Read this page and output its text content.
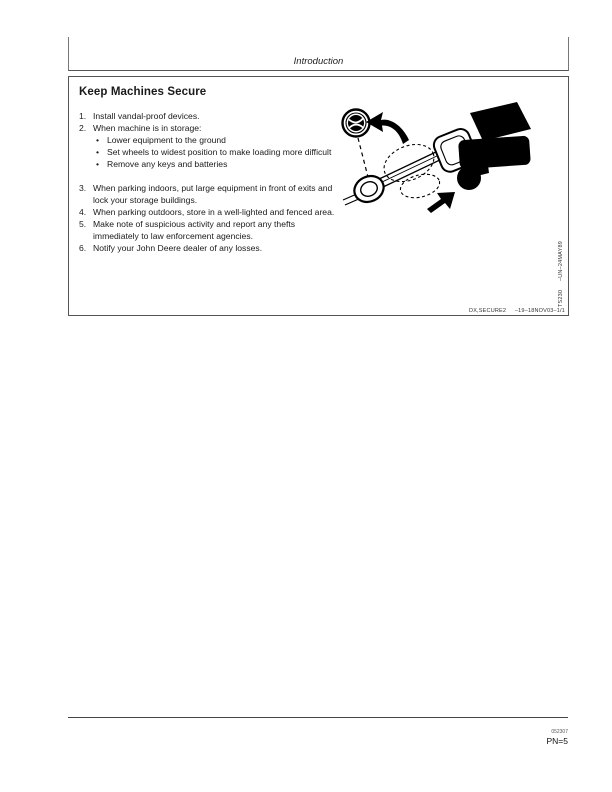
Introduction
Keep Machines Secure
1. Install vandal-proof devices.
2. When machine is in storage:
• Lower equipment to the ground
• Set wheels to widest position to make loading more difficult
• Remove any keys and batteries
3. When parking indoors, put large equipment in front of exits and lock your storage buildings.
4. When parking outdoors, store in a well-lighted and fenced area.
5. Make note of suspicious activity and report any thefts immediately to law enforcement agencies.
6. Notify your John Deere dealer of any losses.
TS230 –UN–24MAY89
DX,SECURE2 –19–18NOV03–1/1
052307
PN=5
